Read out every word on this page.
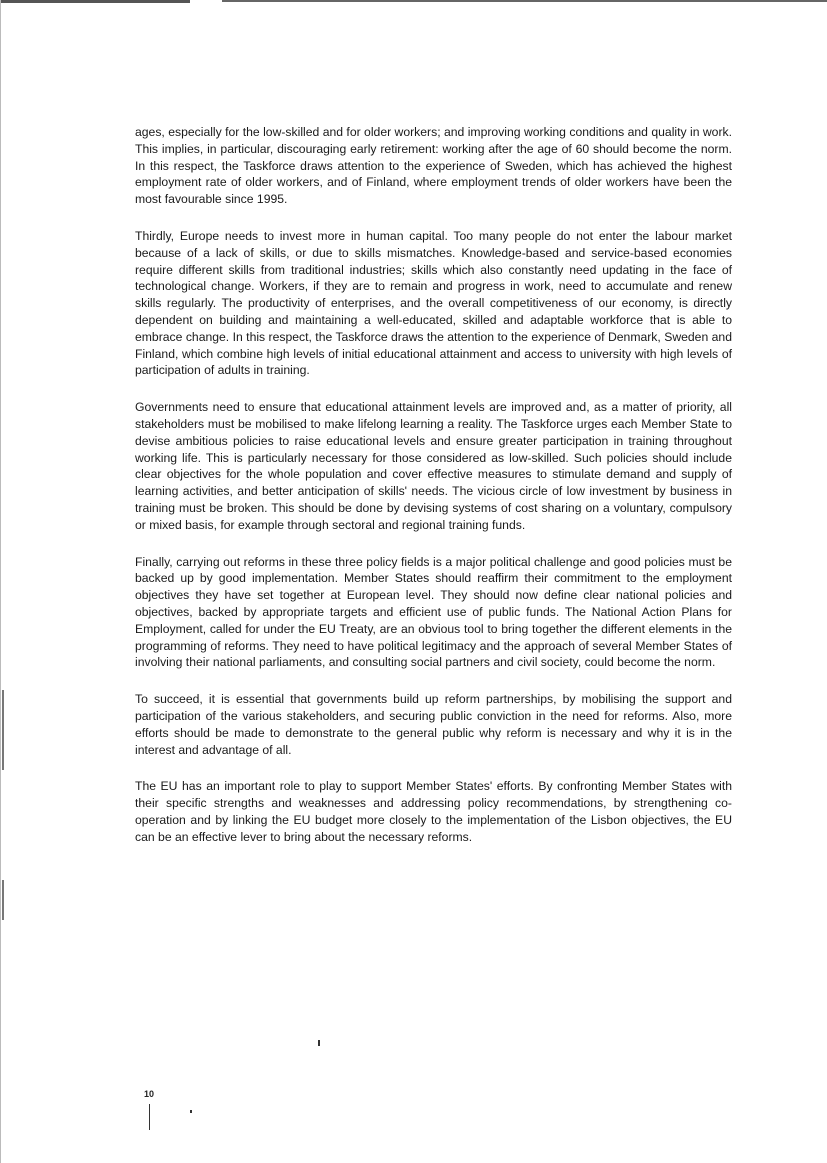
ages, especially for the low-skilled and for older workers; and improving working conditions and quality in work. This implies, in particular, discouraging early retirement: working after the age of 60 should become the norm. In this respect, the Taskforce draws attention to the experience of Sweden, which has achieved the highest employment rate of older workers, and of Finland, where employment trends of older workers have been the most favourable since 1995.

Thirdly, Europe needs to invest more in human capital. Too many people do not enter the labour market because of a lack of skills, or due to skills mismatches. Knowledge-based and service-based economies require different skills from traditional industries; skills which also constantly need updating in the face of technological change. Workers, if they are to remain and progress in work, need to accumulate and renew skills regularly. The productivity of enterprises, and the overall competitiveness of our economy, is directly dependent on building and maintaining a well-educated, skilled and adaptable workforce that is able to embrace change. In this respect, the Taskforce draws the attention to the experience of Denmark, Sweden and Finland, which combine high levels of initial educational attainment and access to university with high levels of participation of adults in training.

Governments need to ensure that educational attainment levels are improved and, as a matter of priority, all stakeholders must be mobilised to make lifelong learning a reality. The Taskforce urges each Member State to devise ambitious policies to raise educational levels and ensure greater participation in training throughout working life. This is particularly necessary for those considered as low-skilled. Such policies should include clear objectives for the whole population and cover effective measures to stimulate demand and supply of learning activities, and better anticipation of skills' needs. The vicious circle of low investment by business in training must be broken. This should be done by devising systems of cost sharing on a voluntary, compulsory or mixed basis, for example through sectoral and regional training funds.

Finally, carrying out reforms in these three policy fields is a major political challenge and good policies must be backed up by good implementation. Member States should reaffirm their commitment to the employment objectives they have set together at European level. They should now define clear national policies and objectives, backed by appropriate targets and efficient use of public funds. The National Action Plans for Employment, called for under the EU Treaty, are an obvious tool to bring together the different elements in the programming of reforms. They need to have political legitimacy and the approach of several Member States of involving their national parliaments, and consulting social partners and civil society, could become the norm.

To succeed, it is essential that governments build up reform partnerships, by mobilising the support and participation of the various stakeholders, and securing public conviction in the need for reforms. Also, more efforts should be made to demonstrate to the general public why reform is necessary and why it is in the interest and advantage of all.

The EU has an important role to play to support Member States' efforts. By confronting Member States with their specific strengths and weaknesses and addressing policy recommendations, by strengthening co-operation and by linking the EU budget more closely to the implementation of the Lisbon objectives, the EU can be an effective lever to bring about the necessary reforms.

10
